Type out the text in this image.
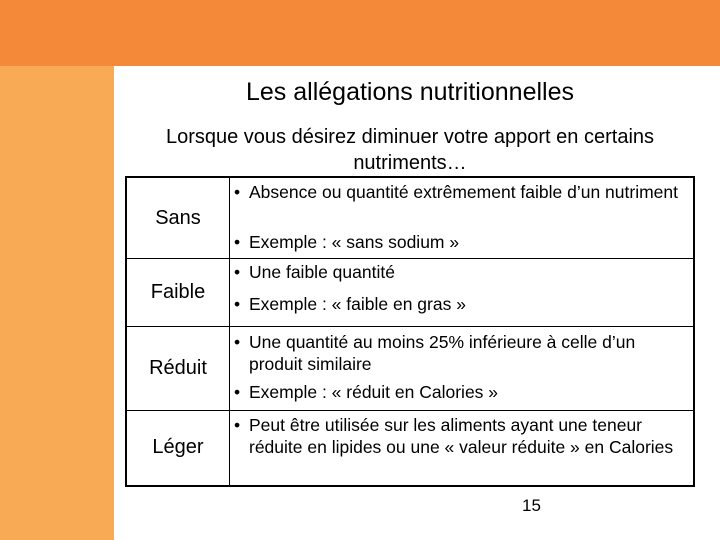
Les allégations nutritionnelles
Lorsque vous désirez diminuer votre apport en certains nutriments…
Sans
• Absence ou quantité extrêmement faible d’un nutriment
• Exemple : « sans sodium »
Faible
• Une faible quantité
• Exemple : « faible en gras »
Réduit
• Une quantité au moins 25% inférieure à celle d’un produit similaire
• Exemple : « réduit en Calories »
Léger
• Peut être utilisée sur les aliments ayant une teneur réduite en lipides ou une « valeur réduite » en Calories
15
